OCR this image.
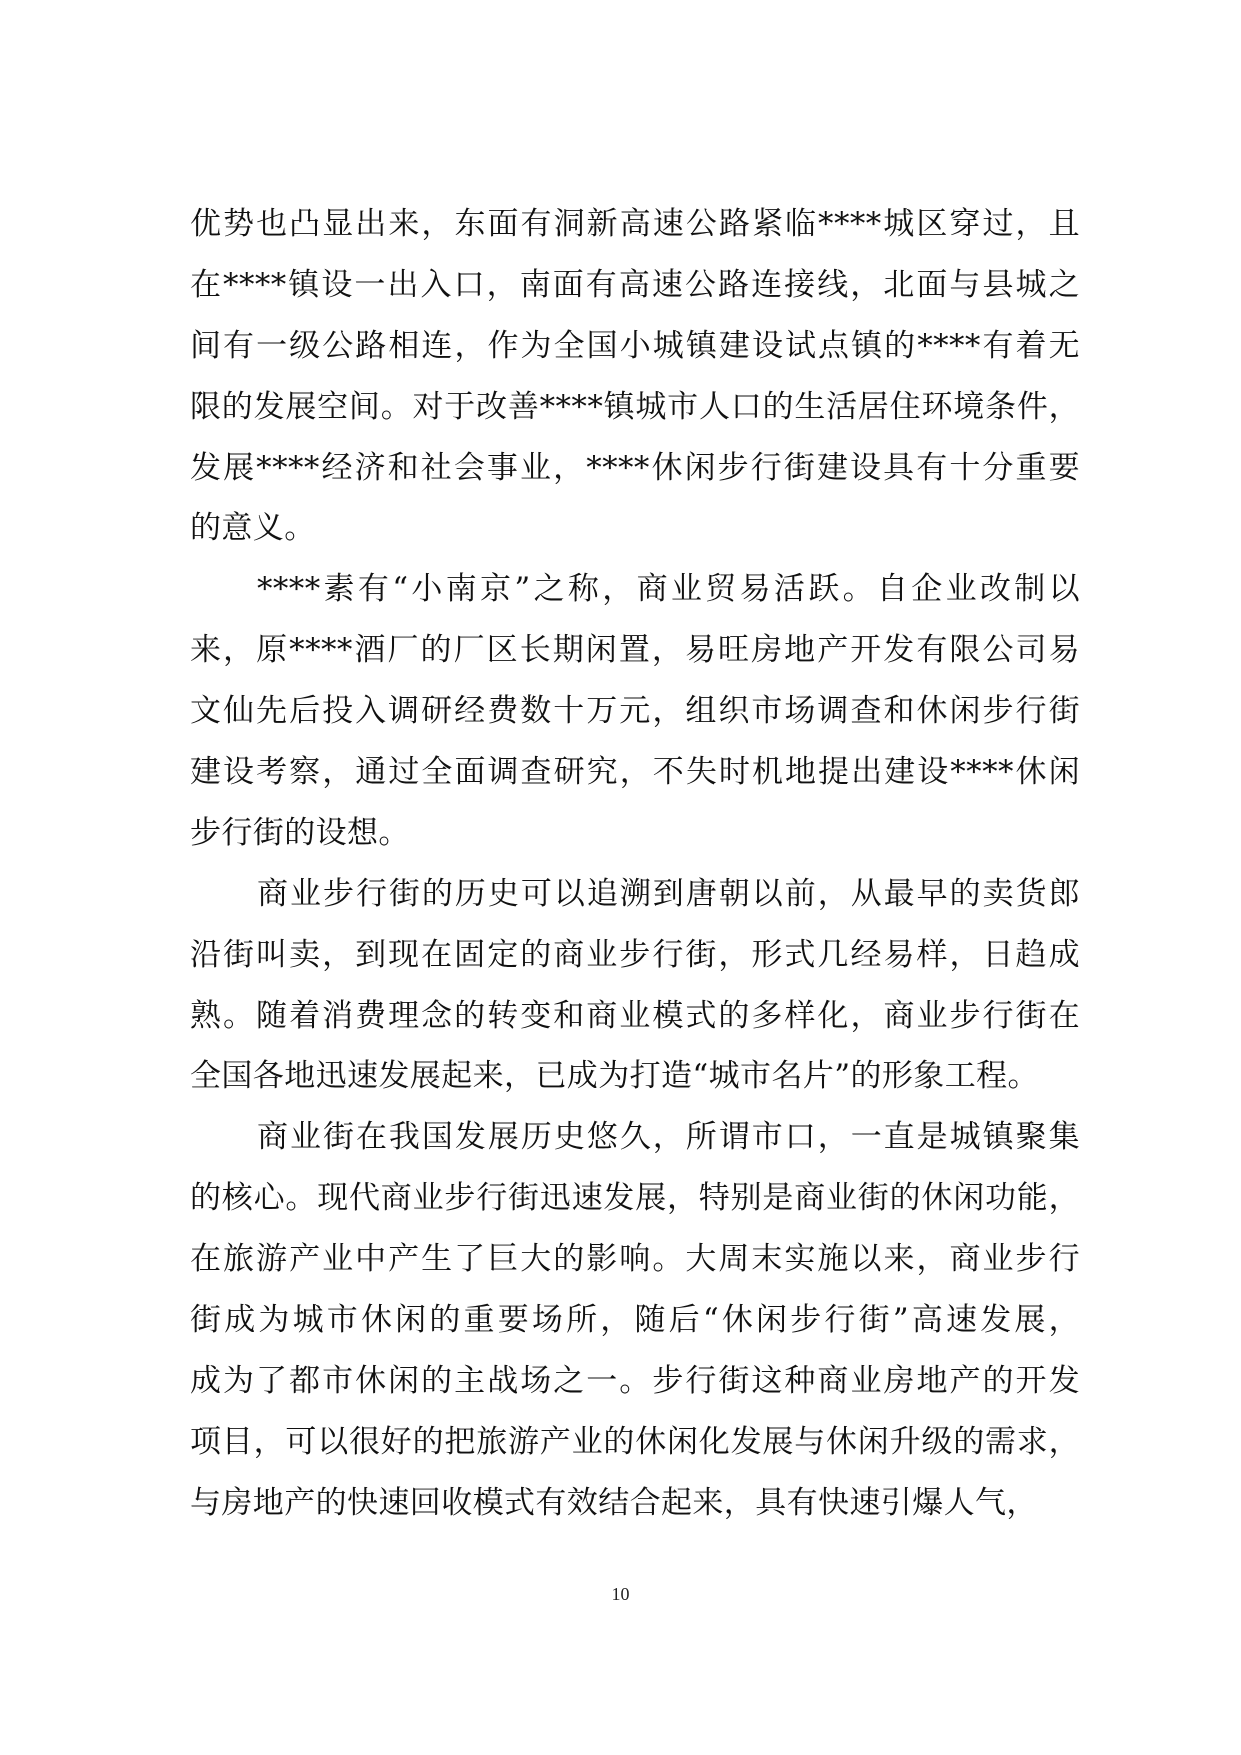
优势也凸显出来，东面有洞新高速公路紧临****城区穿过，且
在****镇设一出入口，南面有高速公路连接线，北面与县城之
间有一级公路相连，作为全国小城镇建设试点镇的****有着无
限的发展空间。对于改善****镇城市人口的生活居住环境条件，
发展****经济和社会事业，****休闲步行街建设具有十分重要
的意义。
****素有“小南京”之称，商业贸易活跃。自企业改制以
来，原****酒厂的厂区长期闲置，易旺房地产开发有限公司易
文仙先后投入调研经费数十万元，组织市场调查和休闲步行街
建设考察，通过全面调查研究，不失时机地提出建设****休闲
步行街的设想。
商业步行街的历史可以追溯到唐朝以前，从最早的卖货郎
沿街叫卖，到现在固定的商业步行街，形式几经易样，日趋成
熟。随着消费理念的转变和商业模式的多样化，商业步行街在
全国各地迅速发展起来，已成为打造“城市名片”的形象工程。
商业街在我国发展历史悠久，所谓市口，一直是城镇聚集
的核心。现代商业步行街迅速发展，特别是商业街的休闲功能，
在旅游产业中产生了巨大的影响。大周末实施以来，商业步行
街成为城市休闲的重要场所，随后“休闲步行街”高速发展，
成为了都市休闲的主战场之一。步行街这种商业房地产的开发
项目，可以很好的把旅游产业的休闲化发展与休闲升级的需求，
与房地产的快速回收模式有效结合起来，具有快速引爆人气，
10
